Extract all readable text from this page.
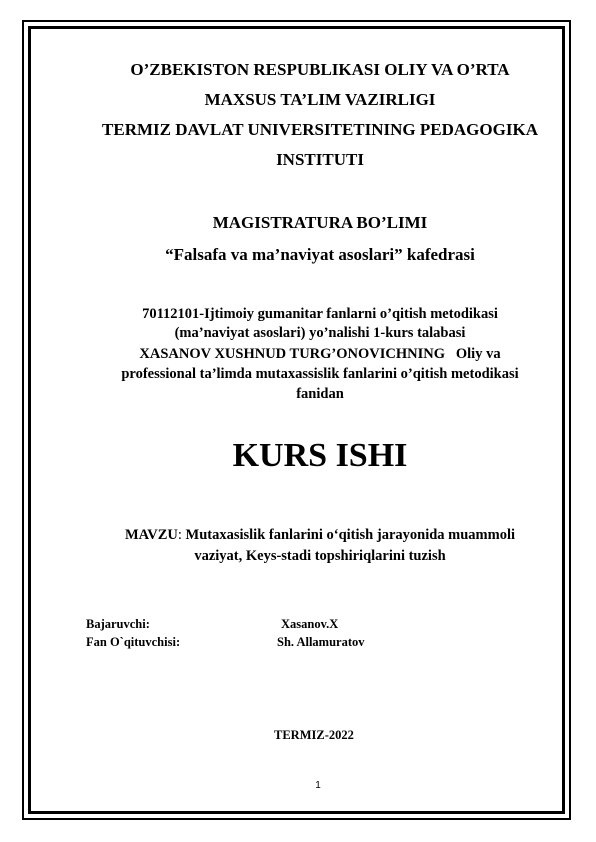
O’ZBEKISTON RESPUBLIKASI OLIY VA O’RTA
MAXSUS TA’LIM VAZIRLIGI
TERMIZ DAVLAT UNIVERSITETINING PEDAGOGIKA
INSTITUTI
MAGISTRATURA BO’LIMI
“Falsafa va ma’naviyat asoslari” kafedrasi
70112101-Ijtimoiy gumanitar fanlarni o’qitish metodikasi
(ma’naviyat asoslari) yo’nalishi 1-kurs talabasi
XASANOV XUSHNUD TURG’ONOVICHNING   Oliy va
professional ta’limda mutaxassislik fanlarini o’qitish metodikasi
fanidan
KURS ISHI
MAVZU: Mutaxasislik fanlarini o‘qitish jarayonida muammoli
vaziyat, Keys-stadi topshiriqlarini tuzish
Bajaruvchi:	Xasanov.X
Fan O`qituvchisi:	Sh. Allamuratov
TERMIZ-2022
1
